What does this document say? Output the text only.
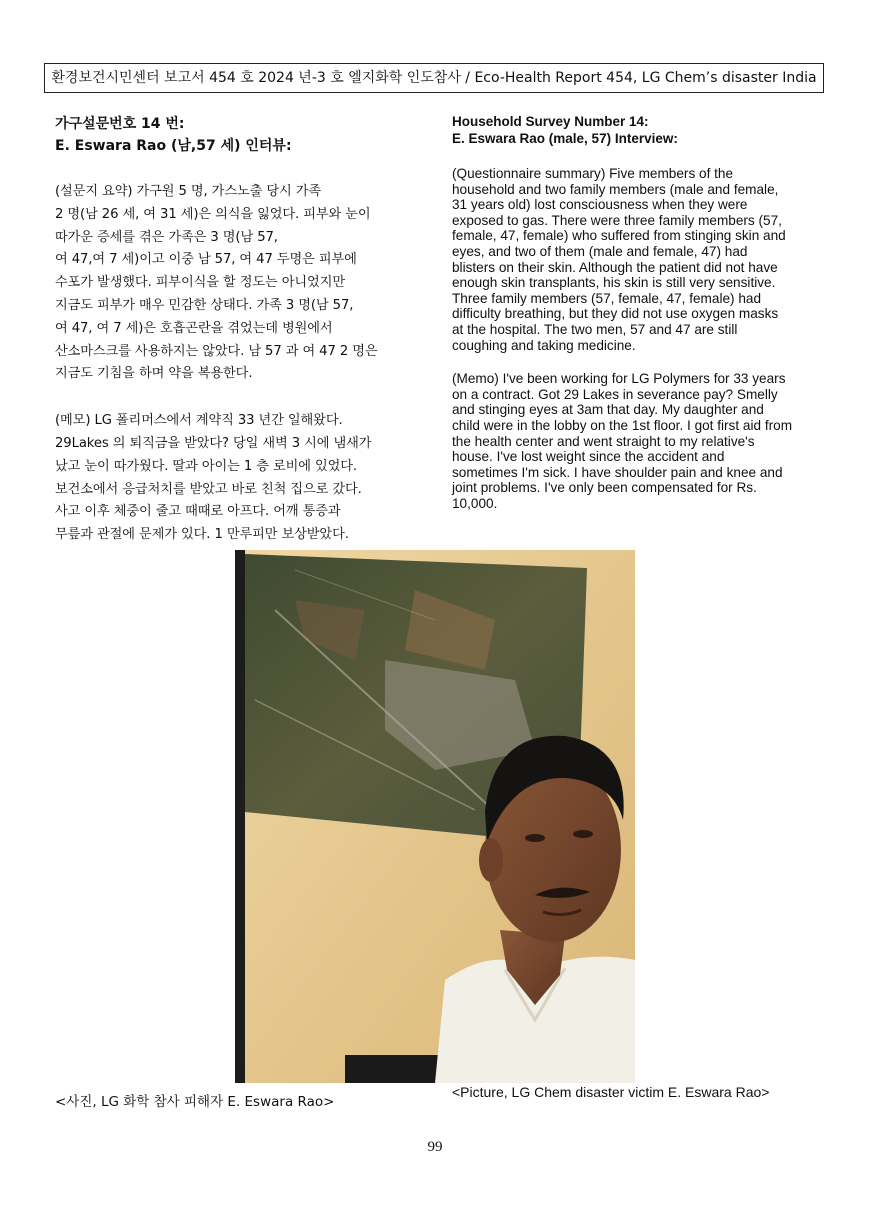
환경보건시민센터 보고서 454 호 2024 년-3 호 엘지화학 인도참사 / Eco-Health Report 454, LG Chem’s disaster India

가구설문번호 14 번:

E. Eswara Rao (남,57 세) 인터뷰:

(설문지 요약) 가구원 5 명, 가스노출 당시 가족

2 명(남 26 세, 여 31 세)은 의식을 잃었다. 피부와 눈이

따가운 증세를 겪은 가족은 3 명(남 57,

여 47,여 7 세)이고 이중 남 57, 여 47 두명은 피부에

수포가 발생했다. 피부이식을 할 정도는 아니었지만

지금도 피부가 매우 민감한 상태다. 가족 3 명(남 57,

여 47, 여 7 세)은 호흡곤란을 겪었는데 병원에서

산소마스크를 사용하지는 않았다. 남 57 과 여 47 2 명은

지금도 기침을 하며 약을 복용한다.

(메모) LG 폴리머스에서 계약직 33 년간 일해왔다.

29Lakes 의 퇴직금을 받았다? 당일 새벽 3 시에 냄새가

났고 눈이 따가웠다. 딸과 아이는 1 층 로비에 있었다.

보건소에서 응급처치를 받았고 바로 친척 집으로 갔다.

사고 이후 체중이 줄고 때때로 아프다. 어깨 통증과

무릎과 관절에 문제가 있다. 1 만루피만 보상받았다.

Household Survey Number 14:

E. Eswara Rao (male, 57) Interview:

(Questionnaire summary) Five members of the

household and two family members (male and female,

31 years old) lost consciousness when they were

exposed to gas. There were three family members (57,

female, 47, female) who suffered from stinging skin and

eyes, and two of them (male and female, 47) had

blisters on their skin. Although the patient did not have

enough skin transplants, his skin is still very sensitive.

Three family members (57, female, 47, female) had

difficulty breathing, but they did not use oxygen masks

at the hospital. The two men, 57 and 47 are still

coughing and taking medicine.

(Memo) I've been working for LG Polymers for 33 years

on a contract. Got 29 Lakes in severance pay? Smelly

and stinging eyes at 3am that day. My daughter and

child were in the lobby on the 1st floor. I got first aid from

the health center and went straight to my relative's

house. I've lost weight since the accident and

sometimes I'm sick. I have shoulder pain and knee and

joint problems. I've only been compensated for Rs.

10,000.

<사진, LG 화학 참사 피해자 E. Eswara Rao>
<Picture, LG Chem disaster victim E. Eswara Rao>
99
